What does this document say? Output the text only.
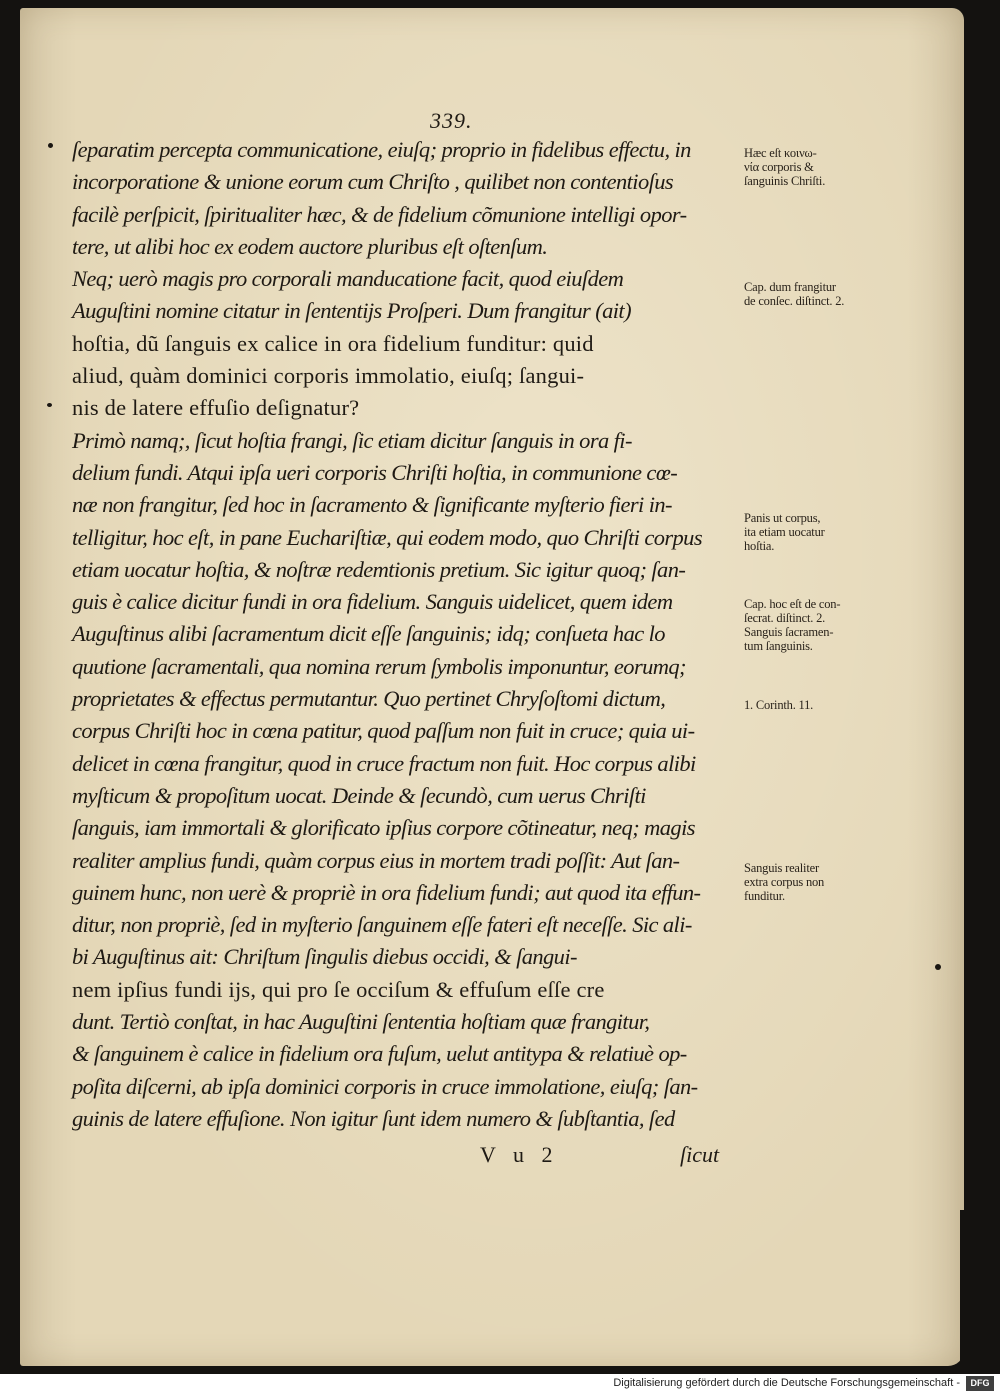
339.
ſeparatim percepta communicatione, eiuſq; proprio in fidelibus effectu, in
incorporatione & unione eorum cum Chriſto , quilibet non contentioſus
facilè perſpicit, ſpiritualiter hæc, & de fidelium cõmunione intelligi opor-
tere, ut alibi hoc ex eodem auctore pluribus eſt oſtenſum.
Neq; uerò magis pro corporali manducatione facit, quod eiuſdem
Auguſtini nomine citatur in ſententijs Proſperi. Dum frangitur (ait)
hoſtia, dũ ſanguis ex calice in ora fidelium funditur: quid
aliud, quàm dominici corporis immolatio, eiuſq; ſangui-
nis de latere effuſio deſignatur?
Primò namq;, ſicut hoſtia frangi, ſic etiam dicitur ſanguis in ora fi-
delium fundi. Atqui ipſa ueri corporis Chriſti hoſtia, in communione cœ-
næ non frangitur, ſed hoc in ſacramento & ſignificante myſterio fieri in-
telligitur, hoc eſt, in pane Euchariſtiæ, qui eodem modo, quo Chriſti corpus
etiam uocatur hoſtia, & noſtræ redemtionis pretium. Sic igitur quoq; ſan-
guis è calice dicitur fundi in ora fidelium. Sanguis uidelicet, quem idem
Auguſtinus alibi ſacramentum dicit eſſe ſanguinis; idq; conſueta hac lo
quutione ſacramentali, qua nomina rerum ſymbolis imponuntur, eorumq;
proprietates & effectus permutantur. Quo pertinet Chryſoſtomi dictum,
corpus Chriſti hoc in cœna patitur, quod paſſum non fuit in cruce; quia ui-
delicet in cœna frangitur, quod in cruce fractum non fuit. Hoc corpus alibi
myſticum & propoſitum uocat. Deinde & ſecundò, cum uerus Chriſti
ſanguis, iam immortali & glorificato ipſius corpore cõtineatur, neq; magis
realiter amplius fundi, quàm corpus eius in mortem tradi poſſit: Aut ſan-
guinem hunc, non uerè & propriè in ora fidelium fundi; aut quod ita effun-
ditur, non propriè, ſed in myſterio ſanguinem eſſe fateri eſt neceſſe. Sic ali-
bi Auguſtinus ait: Chriſtum ſingulis diebus occidi, & ſangui-
nem ipſius fundi ijs, qui pro ſe occiſum & effuſum eſſe cre
dunt. Tertiò conſtat, in hac Auguſtini ſententia hoſtiam quæ frangitur,
& ſanguinem è calice in fidelium ora fuſum, uelut antitypa & relatiuè op-
poſita diſcerni, ab ipſa dominici corporis in cruce immolatione, eiuſq; ſan-
guinis de latere effuſione. Non igitur ſunt idem numero & ſubſtantia, ſed
Hæc eſt κοινω-
νία corporis &
ſanguinis Chriſti.
Cap. dum frangitur
de conſec. diſtinct. 2.
Panis ut corpus,
ita etiam uocatur
hoſtia.
Cap. hoc eſt de con-
ſecrat. diſtinct. 2.
Sanguis ſacramen-
tum ſanguinis.
1. Corinth. 11.
Sanguis realiter
extra corpus non
funditur.
V u 2	ſicut
Digitalisierung gefördert durch die Deutsche Forschungsgemeinschaft -	DFG
